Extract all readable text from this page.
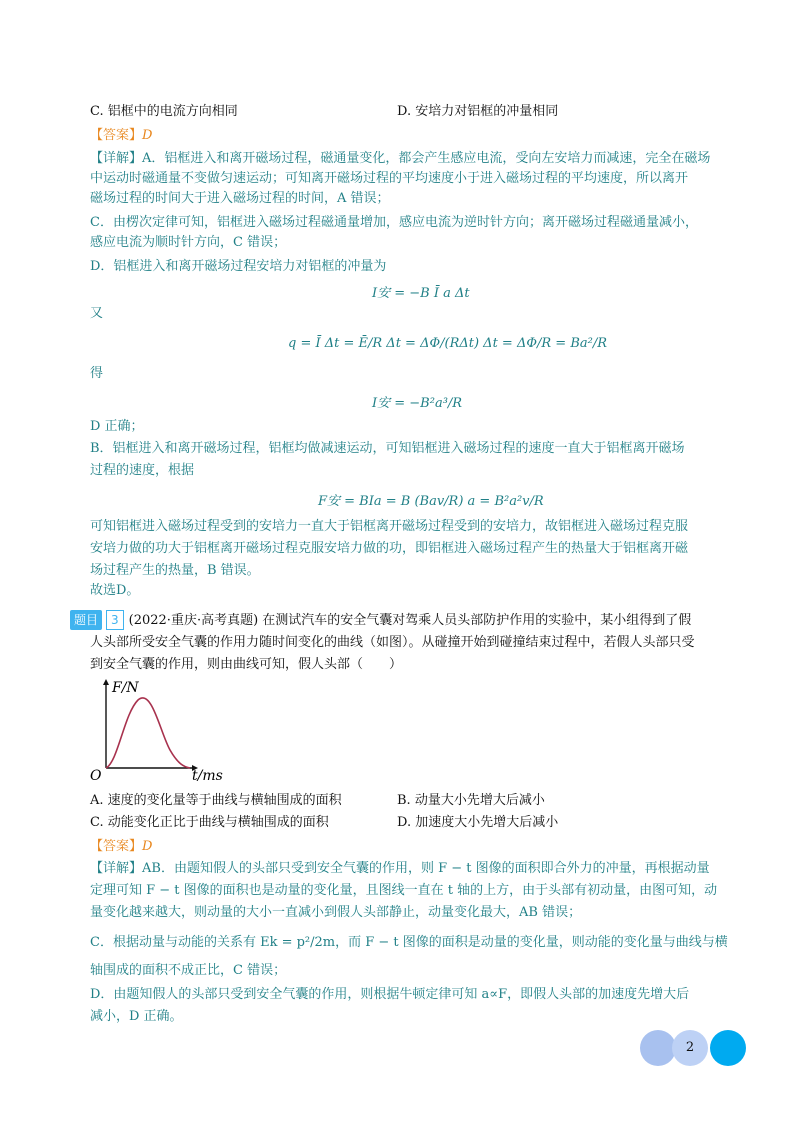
C. 铝框中的电流方向相同	D. 安培力对铝框的冲量相同
【答案】D
【详解】A．铝框进入和离开磁场过程，磁通量变化，都会产生感应电流，受向左安培力而减速，完全在磁场
中运动时磁通量不变做匀速运动；可知离开磁场过程的平均速度小于进入磁场过程的平均速度，所以离开
磁场过程的时间大于进入磁场过程的时间，A 错误；
C．由楞次定律可知，铝框进入磁场过程磁通量增加，感应电流为逆时针方向；离开磁场过程磁通量减小，
感应电流为顺时针方向，C 错误；
D．铝框进入和离开磁场过程安培力对铝框的冲量为
I安 = −B Ī a Δt
又
q = Ī Δt = Ē/R Δt = ΔΦ/(RΔt) Δt = ΔΦ/R = Ba²/R
得
I安 = −B²a³/R
D 正确；
B．铝框进入和离开磁场过程，铝框均做减速运动，可知铝框进入磁场过程的速度一直大于铝框离开磁场
过程的速度，根据
F安 = BIa = B (Bav/R) a = B²a²v/R
可知铝框进入磁场过程受到的安培力一直大于铝框离开磁场过程受到的安培力，故铝框进入磁场过程克服
安培力做的功大于铝框离开磁场过程克服安培力做的功，即铝框进入磁场过程产生的热量大于铝框离开磁
场过程产生的热量，B 错误。
故选D。
题目 3 (2022·重庆·高考真题) 在测试汽车的安全气囊对驾乘人员头部防护作用的实验中，某小组得到了假
人头部所受安全气囊的作用力随时间变化的曲线（如图）。从碰撞开始到碰撞结束过程中，若假人头部只受
到安全气囊的作用，则由曲线可知，假人头部（　　）
F/N
t/ms
O
A. 速度的变化量等于曲线与横轴围成的面积	B. 动量大小先增大后减小
C. 动能变化正比于曲线与横轴围成的面积	D. 加速度大小先增大后减小
【答案】D
【详解】AB．由题知假人的头部只受到安全气囊的作用，则 F − t 图像的面积即合外力的冲量，再根据动量
定理可知 F − t 图像的面积也是动量的变化量，且图线一直在 t 轴的上方，由于头部有初动量，由图可知，动
量变化越来越大，则动量的大小一直减小到假人头部静止，动量变化最大，AB 错误；
C．根据动量与动能的关系有 Ek = p²/2m，而 F − t 图像的面积是动量的变化量，则动能的变化量与曲线与横
轴围成的面积不成正比，C 错误；
D．由题知假人的头部只受到安全气囊的作用，则根据牛顿定律可知 a∝F，即假人头部的加速度先增大后
减小，D 正确。
2
